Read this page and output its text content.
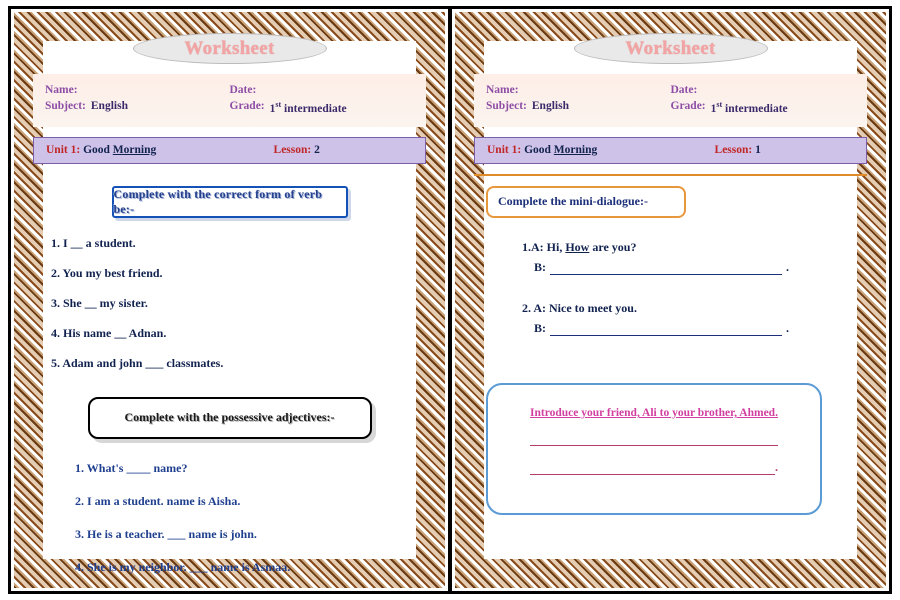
Worksheet
Name:	Date:
Subject: English	Grade: 1st intermediate
Unit 1: Good Morning	Lesson: 2
Complete with the correct form of verb be:-
1. I __ a student.
2. You my best friend.
3. She __ my sister.
4. His name __ Adnan.
5. Adam and john ___ classmates.
Complete with the possessive adjectives:-
1. What's ____ name?
2. I am a student. name is Aisha.
3. He is a teacher. ___ name is john.
4. She is my neighbor. ___ name is Asmaa.
Worksheet
Name:	Date:
Subject: English	Grade: 1st intermediate
Unit 1: Good Morning	Lesson: 1
Complete the mini-dialogue:-
1.A: Hi, How are you?
B:	.
2. A: Nice to meet you.
B:	.
Introduce your friend, Ali to your brother, Ahmed.
.
